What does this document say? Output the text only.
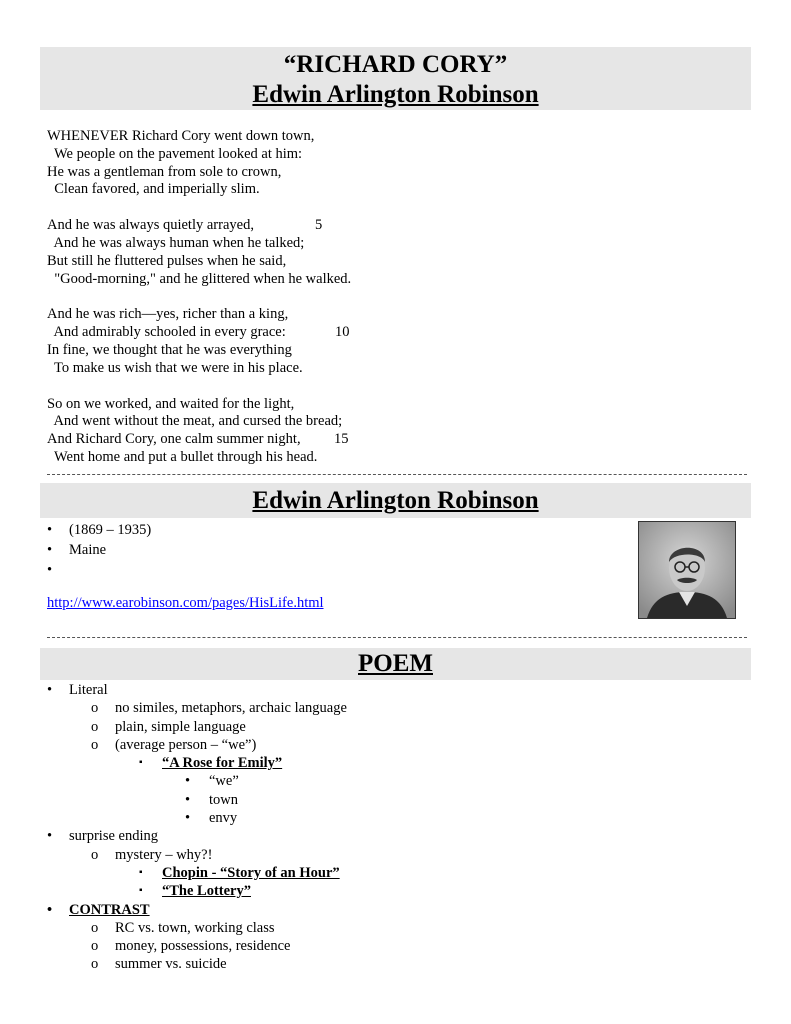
“RICHARD CORY”
Edwin Arlington Robinson
WHENEVER Richard Cory went down town,
We people on the pavement looked at him:
He was a gentleman from sole to crown,
Clean favored, and imperially slim.
And he was always quietly arrayed,
And he was always human when he talked;
But still he fluttered pulses when he said,
"Good-morning," and he glittered when he walked.
And he was rich—yes, richer than a king,
And admirably schooled in every grace:
In fine, we thought that he was everything
To make us wish that we were in his place.
So on we worked, and waited for the light,
And went without the meat, and cursed the bread;
And Richard Cory, one calm summer night,
Went home and put a bullet through his head.
5
10
15
Edwin Arlington Robinson
• (1869 – 1935)
• Maine
•
http://www.earobinson.com/pages/HisLife.html
POEM
• Literal
o no similes, metaphors, archaic language
o plain, simple language
o (average person – “we”)
▪ “A Rose for Emily”
• “we”
• town
• envy
• surprise ending
o mystery – why?!
▪ Chopin - “Story of an Hour”
▪ “The Lottery”
• CONTRAST
o RC vs. town, working class
o money, possessions, residence
o summer vs. suicide
